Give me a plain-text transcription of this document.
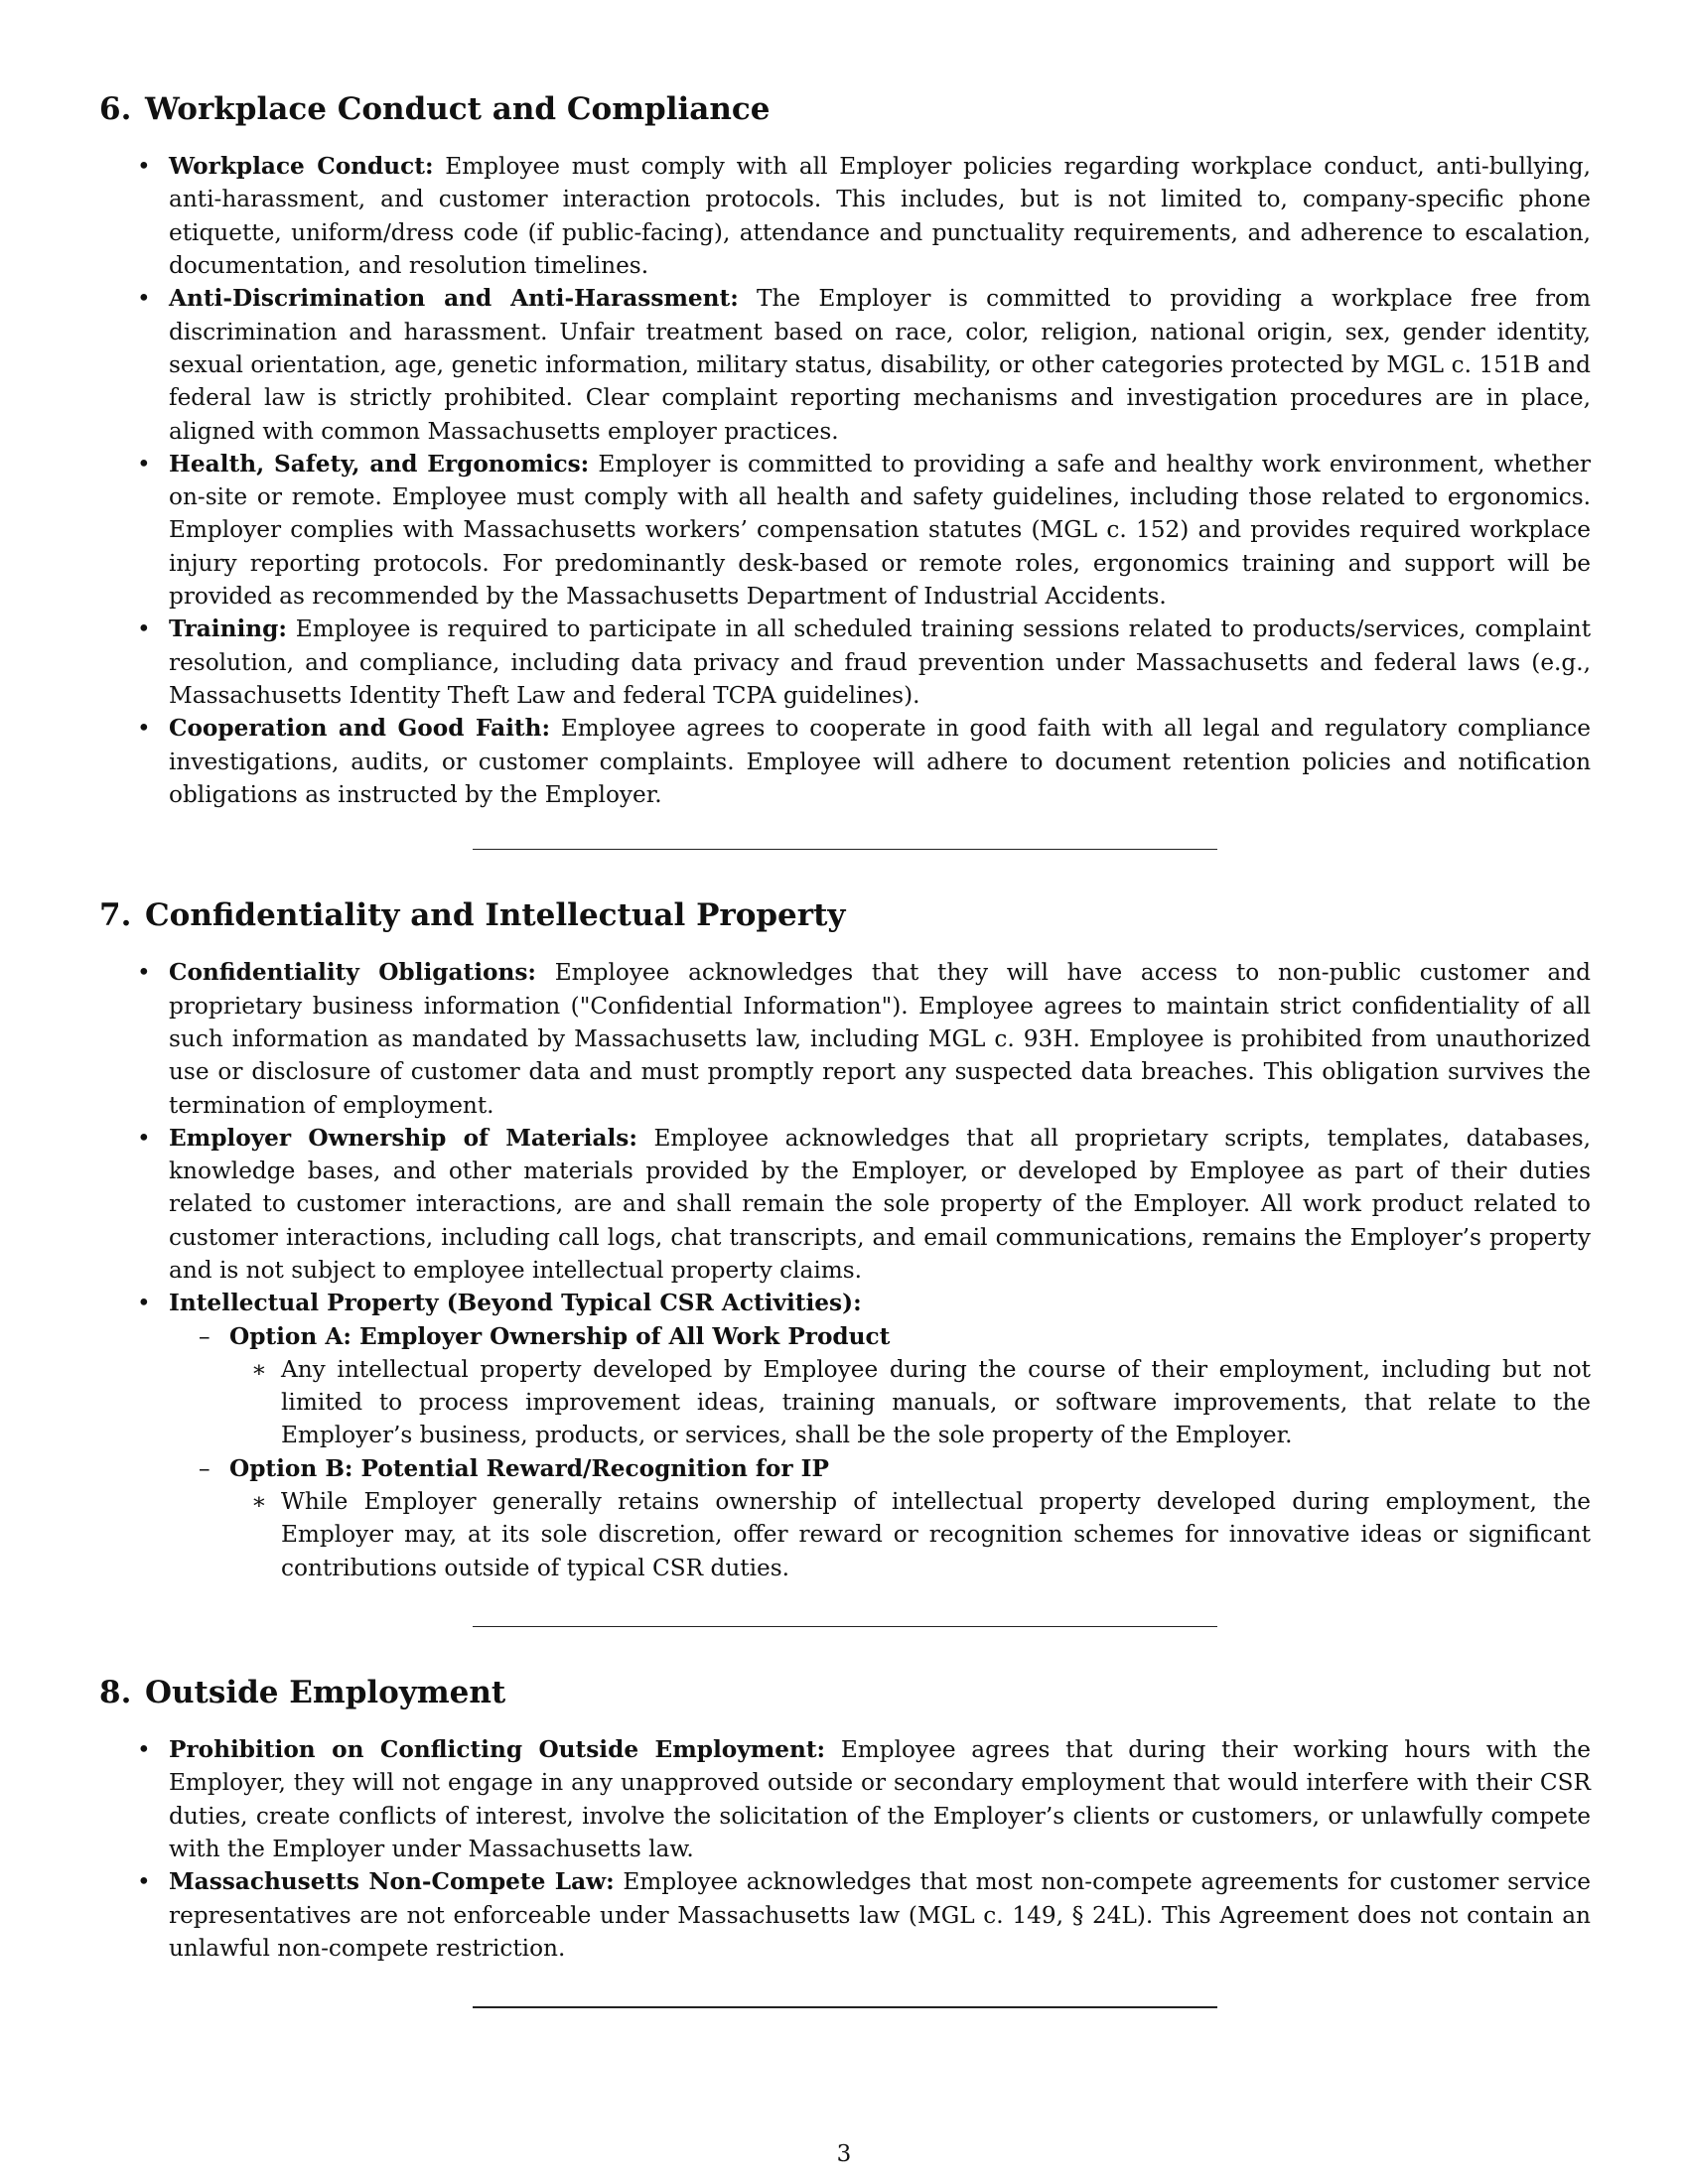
6. Workplace Conduct and Compliance
• Workplace Conduct: Employee must comply with all Employer policies regarding workplace conduct, anti-bullying, anti-harassment, and customer interaction protocols. This includes, but is not limited to, company-specific phone etiquette, uniform/dress code (if public-facing), attendance and punctuality requirements, and adherence to escalation, documentation, and resolution timelines.
• Anti-Discrimination and Anti-Harassment: The Employer is committed to providing a workplace free from discrimination and harassment. Unfair treatment based on race, color, religion, national origin, sex, gender identity, sexual orientation, age, genetic information, military status, disability, or other categories protected by MGL c. 151B and federal law is strictly prohibited. Clear complaint reporting mechanisms and investigation procedures are in place, aligned with common Massachusetts employer practices.
• Health, Safety, and Ergonomics: Employer is committed to providing a safe and healthy work environment, whether on-site or remote. Employee must comply with all health and safety guidelines, including those related to ergonomics. Employer complies with Massachusetts workers’ compensation statutes (MGL c. 152) and provides required workplace injury reporting protocols. For predominantly desk-based or remote roles, ergonomics training and support will be provided as recommended by the Massachusetts Department of Industrial Accidents.
• Training: Employee is required to participate in all scheduled training sessions related to products/services, complaint resolution, and compliance, including data privacy and fraud prevention under Massachusetts and federal laws (e.g., Massachusetts Identity Theft Law and federal TCPA guidelines).
• Cooperation and Good Faith: Employee agrees to cooperate in good faith with all legal and regulatory compliance investigations, audits, or customer complaints. Employee will adhere to document retention policies and notification obligations as instructed by the Employer.
7. Confidentiality and Intellectual Property
• Confidentiality Obligations: Employee acknowledges that they will have access to non-public customer and proprietary business information ("Confidential Information"). Employee agrees to maintain strict confidentiality of all such information as mandated by Massachusetts law, including MGL c. 93H. Employee is prohibited from unauthorized use or disclosure of customer data and must promptly report any suspected data breaches. This obligation survives the termination of employment.
• Employer Ownership of Materials: Employee acknowledges that all proprietary scripts, templates, databases, knowledge bases, and other materials provided by the Employer, or developed by Employee as part of their duties related to customer interactions, are and shall remain the sole property of the Employer. All work product related to customer interactions, including call logs, chat transcripts, and email communications, remains the Employer’s property and is not subject to employee intellectual property claims.
• Intellectual Property (Beyond Typical CSR Activities):
– Option A: Employer Ownership of All Work Product
∗ Any intellectual property developed by Employee during the course of their employment, including but not limited to process improvement ideas, training manuals, or software improvements, that relate to the Employer’s business, products, or services, shall be the sole property of the Employer.
– Option B: Potential Reward/Recognition for IP
∗ While Employer generally retains ownership of intellectual property developed during employment, the Employer may, at its sole discretion, offer reward or recognition schemes for innovative ideas or significant contributions outside of typical CSR duties.
8. Outside Employment
• Prohibition on Conflicting Outside Employment: Employee agrees that during their working hours with the Employer, they will not engage in any unapproved outside or secondary employment that would interfere with their CSR duties, create conflicts of interest, involve the solicitation of the Employer’s clients or customers, or unlawfully compete with the Employer under Massachusetts law.
• Massachusetts Non-Compete Law: Employee acknowledges that most non-compete agreements for customer service representatives are not enforceable under Massachusetts law (MGL c. 149, § 24L). This Agreement does not contain an unlawful non-compete restriction.
3
